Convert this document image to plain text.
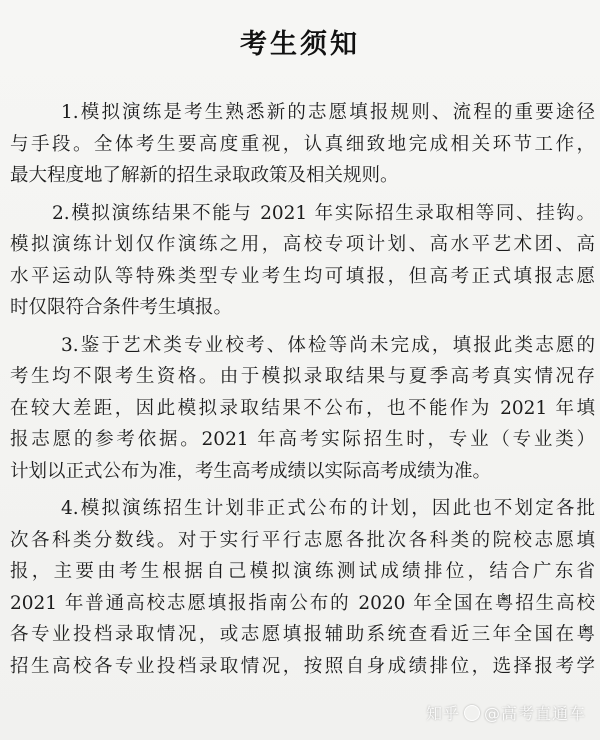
考生须知
1.模拟演练是考生熟悉新的志愿填报规则、流程的重要途径
与手段。全体考生要高度重视，认真细致地完成相关环节工作，
最大程度地了解新的招生录取政策及相关规则。
2.模拟演练结果不能与 2021 年实际招生录取相等同、挂钩。
模拟演练计划仅作演练之用，高校专项计划、高水平艺术团、高
水平运动队等特殊类型专业考生均可填报，但高考正式填报志愿
时仅限符合条件考生填报。
3.鉴于艺术类专业校考、体检等尚未完成，填报此类志愿的
考生均不限考生资格。由于模拟录取结果与夏季高考真实情况存
在较大差距，因此模拟录取结果不公布，也不能作为 2021 年填
报志愿的参考依据。2021 年高考实际招生时，专业（专业类）
计划以正式公布为准，考生高考成绩以实际高考成绩为准。
4.模拟演练招生计划非正式公布的计划，因此也不划定各批
次各科类分数线。对于实行平行志愿各批次各科类的院校志愿填
报，主要由考生根据自己模拟演练测试成绩排位，结合广东省
2021 年普通高校志愿填报指南公布的 2020 年全国在粤招生高校
各专业投档录取情况，或志愿填报辅助系统查看近三年全国在粤
招生高校各专业投档录取情况，按照自身成绩排位，选择报考学
知乎 @高考直通车
